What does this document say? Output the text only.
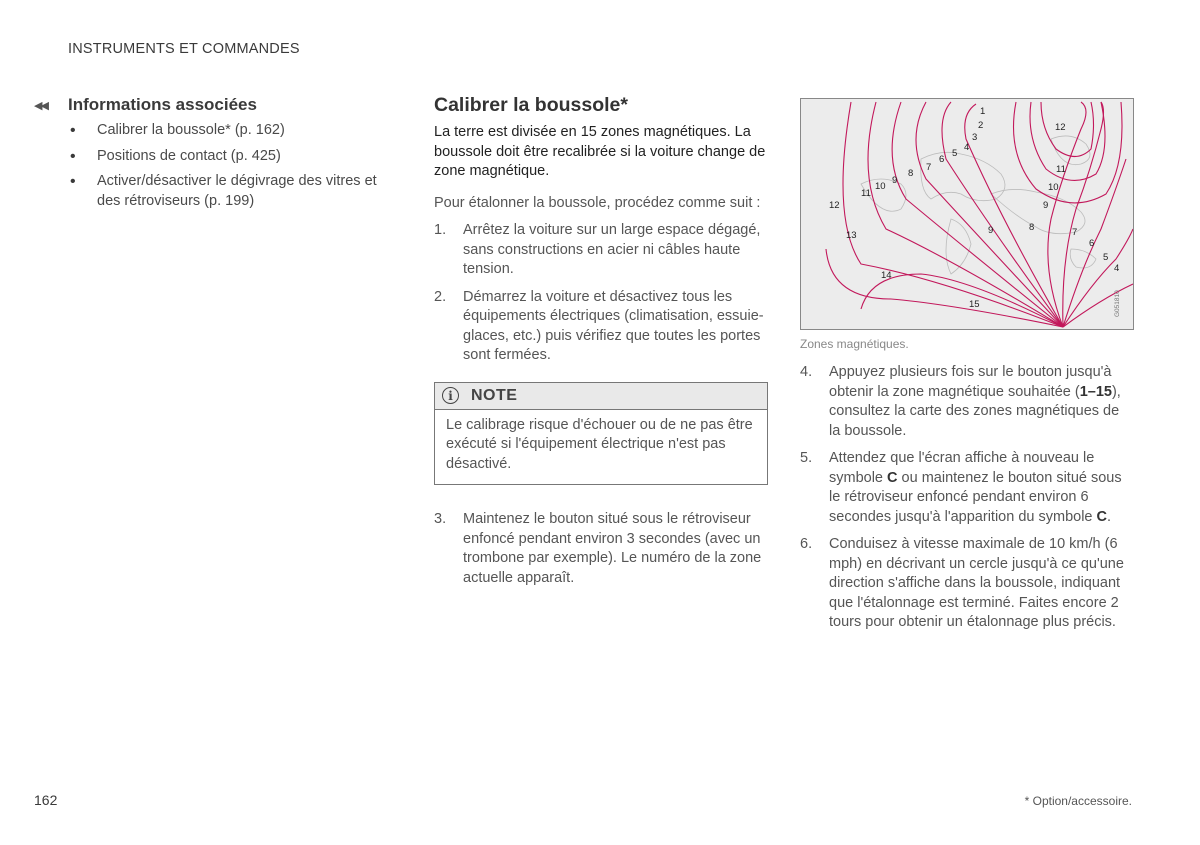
INSTRUMENTS ET COMMANDES
◀◀	Informations associées
• Calibrer la boussole* (p. 162)
• Positions de contact (p. 425)
• Activer/désactiver le dégivrage des vitres et des rétroviseurs (p. 199)
Calibrer la boussole*

La terre est divisée en 15 zones magnétiques. La boussole doit être recalibrée si la voiture change de zone magnétique.

Pour étalonner la boussole, procédez comme suit :

1. Arrêtez la voiture sur un large espace dégagé, sans constructions en acier ni câbles haute tension.
2. Démarrez la voiture et désactivez tous les équipements électriques (climatisation, essuie-glaces, etc.) puis vérifiez que toutes les portes sont fermées.
i	NOTE
Le calibrage risque d'échouer ou de ne pas être exécuté si l'équipement électrique n'est pas désactivé.
3. Maintenez le bouton situé sous le rétroviseur enfoncé pendant environ 3 secondes (avec un trombone par exemple). Le numéro de la zone actuelle apparaît.
1
2
3
4
5
6
7
8
9
10
11
12
11
10
9
12
13
14
15
9	8	7
6
5
4
G051810
Zones magnétiques.
4. Appuyez plusieurs fois sur le bouton jusqu'à obtenir la zone magnétique souhaitée (1–15), consultez la carte des zones magnétiques de la boussole.
5. Attendez que l'écran affiche à nouveau le symbole C ou maintenez le bouton situé sous le rétroviseur enfoncé pendant environ 6 secondes jusqu'à l'apparition du symbole C.
6. Conduisez à vitesse maximale de 10 km/h (6 mph) en décrivant un cercle jusqu'à ce qu'une direction s'affiche dans la boussole, indiquant que l'étalonnage est terminé. Faites encore 2 tours pour obtenir un étalonnage plus précis.
162	* Option/accessoire.
